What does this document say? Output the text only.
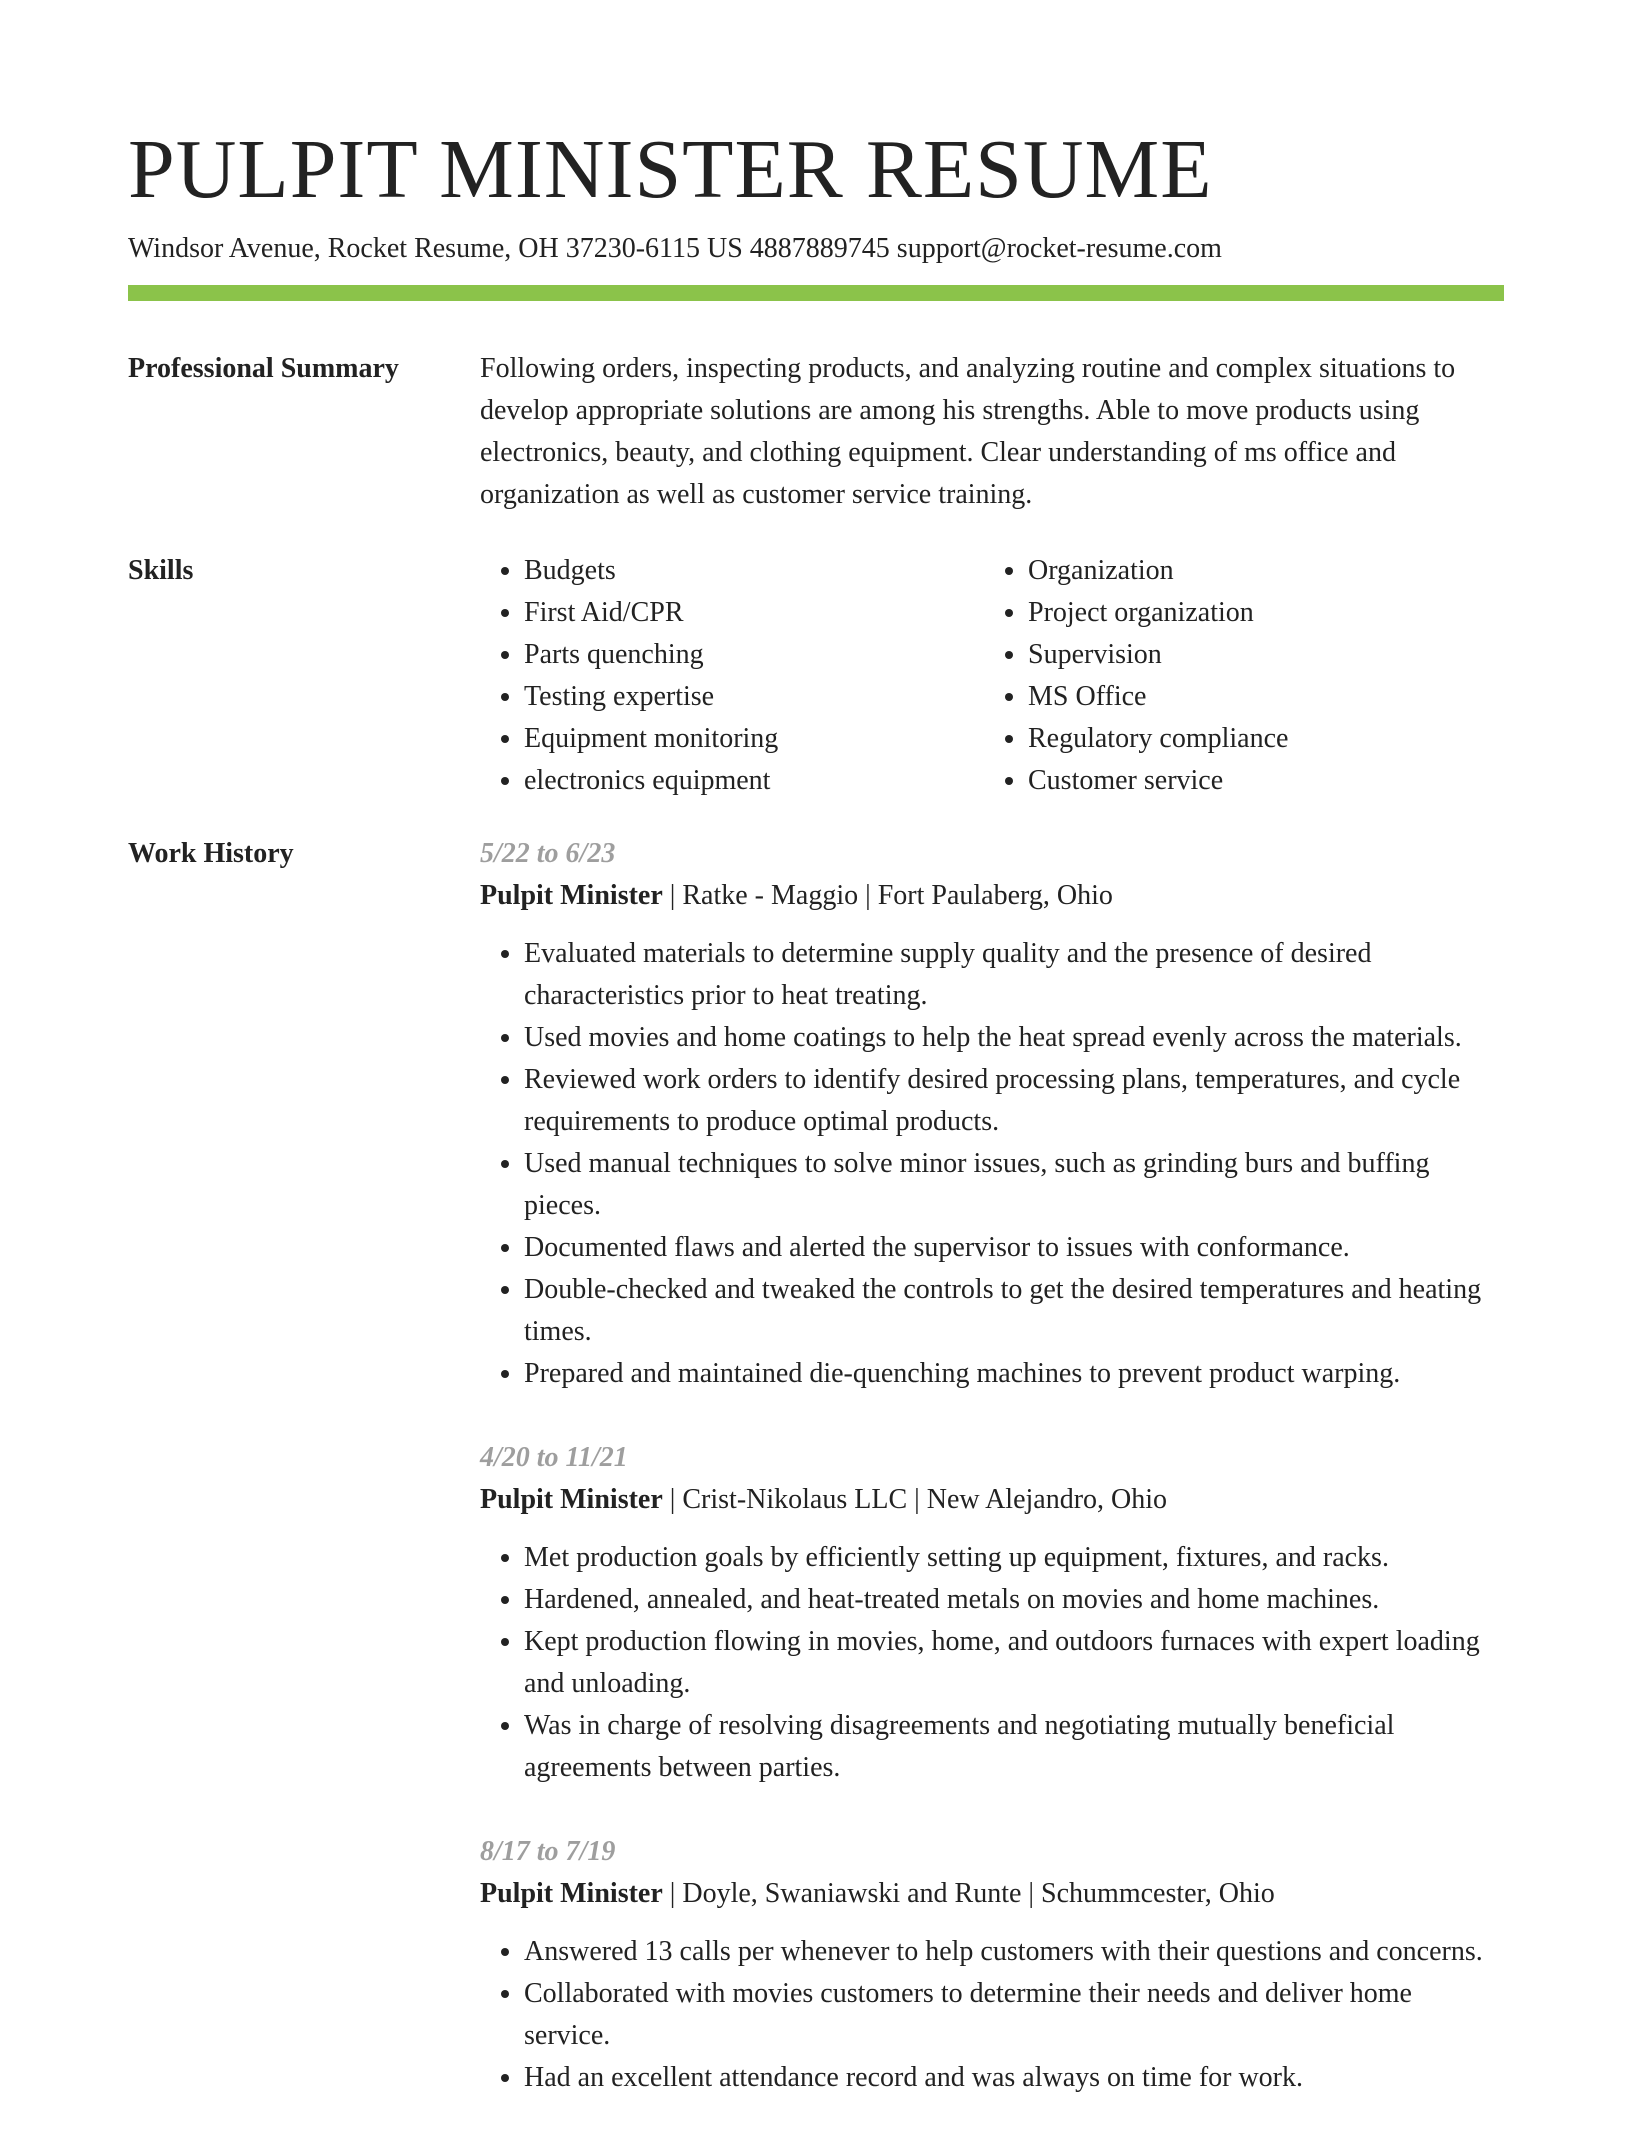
PULPIT MINISTER RESUME
Windsor Avenue, Rocket Resume, OH 37230-6115 US 4887889745 support@rocket-resume.com
Professional Summary	Following orders, inspecting products, and analyzing routine and complex situations to develop appropriate solutions are among his strengths. Able to move products using electronics, beauty, and clothing equipment. Clear understanding of ms office and organization as well as customer service training.

Skills
•	Budgets
• First Aid/CPR
• Parts quenching
• Testing expertise
• Equipment monitoring
• electronics equipment
• Organization
• Project organization
• Supervision
• MS Office
• Regulatory compliance
• Customer service
Work History	5/22 to 6/23
Pulpit Minister | Ratke - Maggio | Fort Paulaberg, Ohio
• Evaluated materials to determine supply quality and the presence of desired characteristics prior to heat treating.
• Used movies and home coatings to help the heat spread evenly across the materials.
• Reviewed work orders to identify desired processing plans, temperatures, and cycle requirements to produce optimal products.
• Used manual techniques to solve minor issues, such as grinding burs and buffing pieces.
• Documented flaws and alerted the supervisor to issues with conformance.
• Double-checked and tweaked the controls to get the desired temperatures and heating times.
• Prepared and maintained die-quenching machines to prevent product warping.
4/20 to 11/21
Pulpit Minister | Crist-Nikolaus LLC | New Alejandro, Ohio
• Met production goals by efficiently setting up equipment, fixtures, and racks.
• Hardened, annealed, and heat-treated metals on movies and home machines.
• Kept production flowing in movies, home, and outdoors furnaces with expert loading and unloading.
• Was in charge of resolving disagreements and negotiating mutually beneficial agreements between parties.
8/17 to 7/19
Pulpit Minister | Doyle, Swaniawski and Runte | Schummcester, Ohio
• Answered 13 calls per whenever to help customers with their questions and concerns.
• Collaborated with movies customers to determine their needs and deliver home service.
• Had an excellent attendance record and was always on time for work.
